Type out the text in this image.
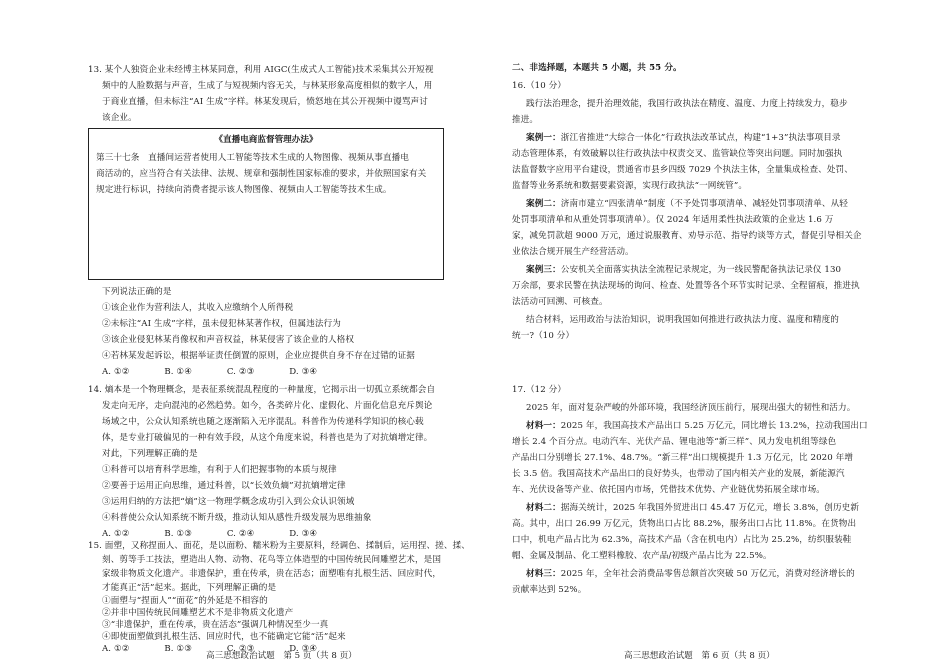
13. 某个人独资企业未经博主林某同意，利用 AIGC(生成式人工智能)技术采集其公开短视
频中的人脸数据与声音，生成了与短视频内容无关，与林某形象高度相似的数字人，用
于商业直播，但未标注“AI 生成”字样。林某发现后，愤怒地在其公开视频中谩骂声讨
该企业。
《直播电商监督管理办法》
第三十七条　直播间运营者使用人工智能等技术生成的人物图像、视频从事直播电
商活动的，应当符合有关法律、法规、规章和强制性国家标准的要求，并依照国家有关
规定进行标识，持续向消费者提示该人物图像、视频由人工智能等技术生成。
下列说法正确的是
①该企业作为营利法人，其收入应缴纳个人所得税
②未标注“AI 生成”字样，虽未侵犯林某著作权，但属违法行为
③该企业侵犯林某肖像权和声音权益，林某侵害了该企业的人格权
④若林某发起诉讼，根据举证责任倒置的原则，企业应提供自身不存在过错的证据
A. ①②　　　　B. ①④　　　　C. ②③　　　　D. ③④
14. 熵本是一个物理概念，是表征系统混乱程度的一种量度，它揭示出一切孤立系统都会自
发走向无序，走向混沌的必然趋势。如今，各类碎片化、虚假化、片面化信息充斥舆论
场域之中，公众认知系统也随之逐渐陷入无序混乱。科普作为传递科学知识的核心载
体，是专业打破偏见的一种有效手段，从这个角度来说，科普也是为了对抗熵增定律。
对此，下列理解正确的是
①科普可以培育科学思维，有利于人们把握事物的本质与规律
②要善于运用正向思维，通过科普，以“长效负熵”对抗熵增定律
③运用归纳的方法把“熵”这一物理学概念成功引入到公众认识领域
④科普使公众认知系统不断升级，推动认知从感性升级发展为思维抽象
A. ①②　　　　B. ①③　　　　C. ②④　　　　D. ③④
15. 面塑，又称捏面人、面花，是以面粉、糯米粉为主要原料，经调色、揉制后，运用捏、搓、揉、
刻、剪等手工技法，塑造出人物、动物、花鸟等立体造型的中国传统民间雕塑艺术，是国
家级非物质文化遗产。非遗保护，重在传承，贵在活态；面塑唯有扎根生活、回应时代，
才能真正“活”起来。据此，下列理解正确的是
①面塑与“捏面人”“面花”的外延是不相容的
②并非中国传统民间雕塑艺术不是非物质文化遗产
高三思想政治试题　第 5 页（共 8 页）
③“非遗保护，重在传承，贵在活态”强调几种情况至少一真
④即使面塑做到扎根生活、回应时代，也不能确定它能“活”起来
A. ①②　　　　B. ①③　　　　C. ②③　　　　D. ③④
二、非选择题，本题共 5 小题，共 55 分。
16.（10 分）
践行法治理念，提升治理效能，我国行政执法在精度、温度、力度上持续发力，稳步
推进。
案例一：浙江省推进“大综合一体化”行政执法改革试点，构建“1+3”执法事项目录
动态管理体系，有效破解以往行政执法中权责交叉、监管缺位等突出问题。同时加强执
法监督数字应用平台建设，贯通省市县乡四级 7029 个执法主体，全量集成检查、处罚、
监督等业务系统和数据要素资源，实现行政执法“一网统管”。
案例二：济南市建立“四张清单”制度（不予处罚事项清单、减轻处罚事项清单、从轻
处罚事项清单和从重处罚事项清单）。仅 2024 年适用柔性执法政策的企业达 1.6 万
家，减免罚款超 9000 万元，通过说服教育、劝导示范、指导约谈等方式，督促引导相关企
业依法合规开展生产经营活动。
案例三：公安机关全面落实执法全流程记录规定，为一线民警配备执法记录仪 130
万余部，要求民警在执法现场的询问、检查、处置等各个环节实时记录、全程留痕，推进执
法活动可回溯、可核查。
结合材料，运用政治与法治知识，说明我国如何推进行政执法力度、温度和精度的
统一?（10 分）
17.（12 分）
2025 年，面对复杂严峻的外部环境，我国经济顶压前行，展现出强大的韧性和活力。
材料一：2025 年，我国高技术产品出口 5.25 万亿元，同比增长 13.2%，拉动我国出口
增长 2.4 个百分点。电动汽车、光伏产品、锂电池等“新三样”、风力发电机组等绿色
产品出口分别增长 27.1%、48.7%。“新三样”出口规模提升 1.3 万亿元，比 2020 年增
长 3.5 倍。我国高技术产品出口的良好势头，也带动了国内相关产业的发展，新能源汽
车、光伏设备等产业、依托国内市场，凭借技术优势、产业链优势拓展全球市场。
材料二：据海关统计，2025 年我国外贸进出口 45.47 万亿元，增长 3.8%，创历史新
高。其中，出口 26.99 万亿元，货物出口占比 88.2%，服务出口占比 11.8%。在货物出
口中，机电产品占比为 62.3%，高技术产品（含在机电内）占比为 25.2%，纺织服装鞋
帽、金属及制品、化工塑料橡胶、农产品/初级产品占比为 22.5%。
材料三：2025 年，全年社会消费品零售总额首次突破 50 万亿元，消费对经济增长的
贡献率达到 52%。
高三思想政治试题　第 6 页（共 8 页）
